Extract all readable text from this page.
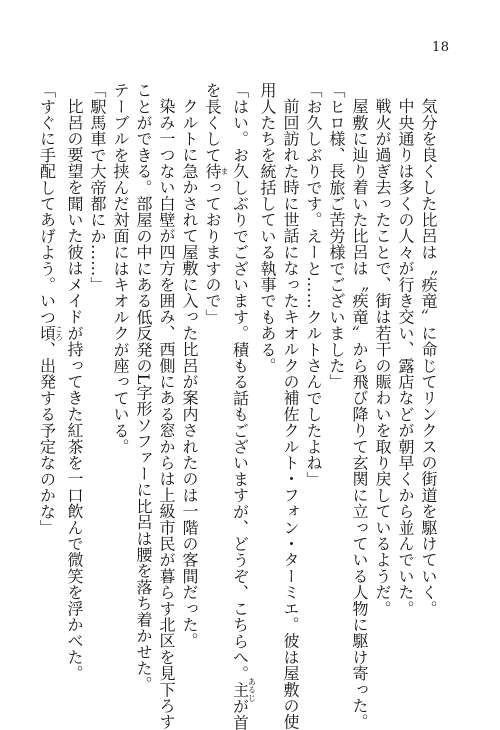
18
気分を良くした比呂は〝疾竜〟に命じてリンクスの街道を駆けていく。
中央通りは多くの人々が行き交い、露店などが朝早くから並んでいた。
戦火が過ぎ去ったことで、街は若干の賑わいを取り戻しているようだ。
屋敷に辿り着いた比呂は〝疾竜〟から飛び降りて玄関に立っている人物に駆け寄った。
「ヒロ様、長旅ご苦労様でございました」
「お久しぶりです。えーと……クルトさんでしたよね」
前回訪れた時に世話になったキオルクの補佐クルト・フォン・ターミエ。彼は屋敷の使
用人たちを統括している執事でもある。
「はい。お久しぶりでございます。積もる話もございますが、どうぞ、こちらへ。主あるじが首
を長くして待まっておりますので」
クルトに急かされて屋敷に入った比呂が案内されたのは一階の客間だった。
染み一つない白壁が四方を囲み、西側にある窓からは上級市民が暮らす北区を見下ろす
ことができる。部屋の中にある低反発のL字形ソファーに比呂は腰を落ち着かせた。
テーブルを挟んだ対面にはキオルクが座っている。
「駅馬車で大帝都にか……」
比呂の要望を聞いた彼はメイドが持ってきた紅茶を一口飲んで微笑を浮かべた。
「すぐに手配してあげよう。いつ頃ころ、出発する予定なのかな」
